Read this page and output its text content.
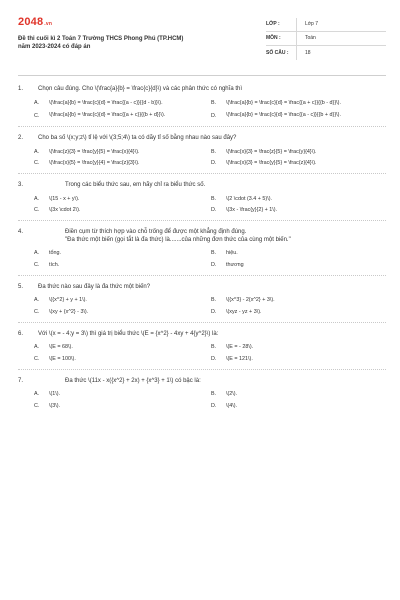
2048.vn
Đề thi cuối kì 2 Toán 7 Trường THCS Phong Phú (TP.HCM)
năm 2023-2024 có đáp án
LỚP :	Lớp 7
MÔN :	Toán
SỐ CÂU :	18
1.	Chọn câu đúng. Cho \(\frac{a}{b} = \frac{c}{d}\) và các phân thức có nghĩa thì
A.	\(\frac{a}{b} = \frac{c}{d} = \frac{{a - c}}{{d - b}}\).	B.	\(\frac{a}{b} = \frac{c}{d} = \frac{{a + c}}{{b - d}}\).
C.	\(\frac{a}{b} = \frac{c}{d} = \frac{{a + c}}{{b + d}}\).	D.	\(\frac{a}{b} = \frac{c}{d} = \frac{{a - c}}{{b + d}}\).
2.	Cho ba số \(x;y;z\) tỉ lệ với \(3;5;4\) ta có dãy tỉ số bằng nhau nào sau đây?
A.	\(\frac{z}{3} = \frac{y}{5} = \frac{x}{4}\).	B.	\(\frac{x}{3} = \frac{z}{5} = \frac{y}{4}\).
C.	\(\frac{x}{5} = \frac{y}{4} = \frac{z}{3}\).	D.	\(\frac{x}{3} = \frac{y}{5} = \frac{z}{4}\).
3.	Trong các biểu thức sau, em hãy chỉ ra biểu thức số.
A.	\(15 - x + y\).	B.	\(2 \cdot (3.4 + 5)\).
C.	\(3x \cdot 2\).	D.	\(3x - \frac{y}{2} + 1\).
4.	Điền cụm từ thích hợp vào chỗ trống để được một khẳng định đúng.
"Đa thức một biến (gọi tắt là đa thức) là.......của những đơn thức của cùng một biến."
A.	tổng.	B.	hiệu.
C.	tích.	D.	thương
5.	Đa thức nào sau đây là đa thức một biến?
A.	\({x^2} + y + 1\).	B.	\({x^3} - 2{x^2} + 3\).
C.	\(xy + {x^2} - 3\).	D.	\(xyz - yz + 3\).
6.	Với \(x = - 4;y = 3\) thì giá trị biểu thức \(E = {x^2} - 4xy + 4{y^2}\) là:
A.	\(E = 68\).	B.	\(E = - 28\).
C.	\(E = 100\).	D.	\(E = 121\).
7.	Đa thức \(11x - x({x^2} + 2x) + {x^3} + 1\) có bậc là:
A.	\(1\).	B.	\(2\).
C.	\(3\).	D.	\(4\).
